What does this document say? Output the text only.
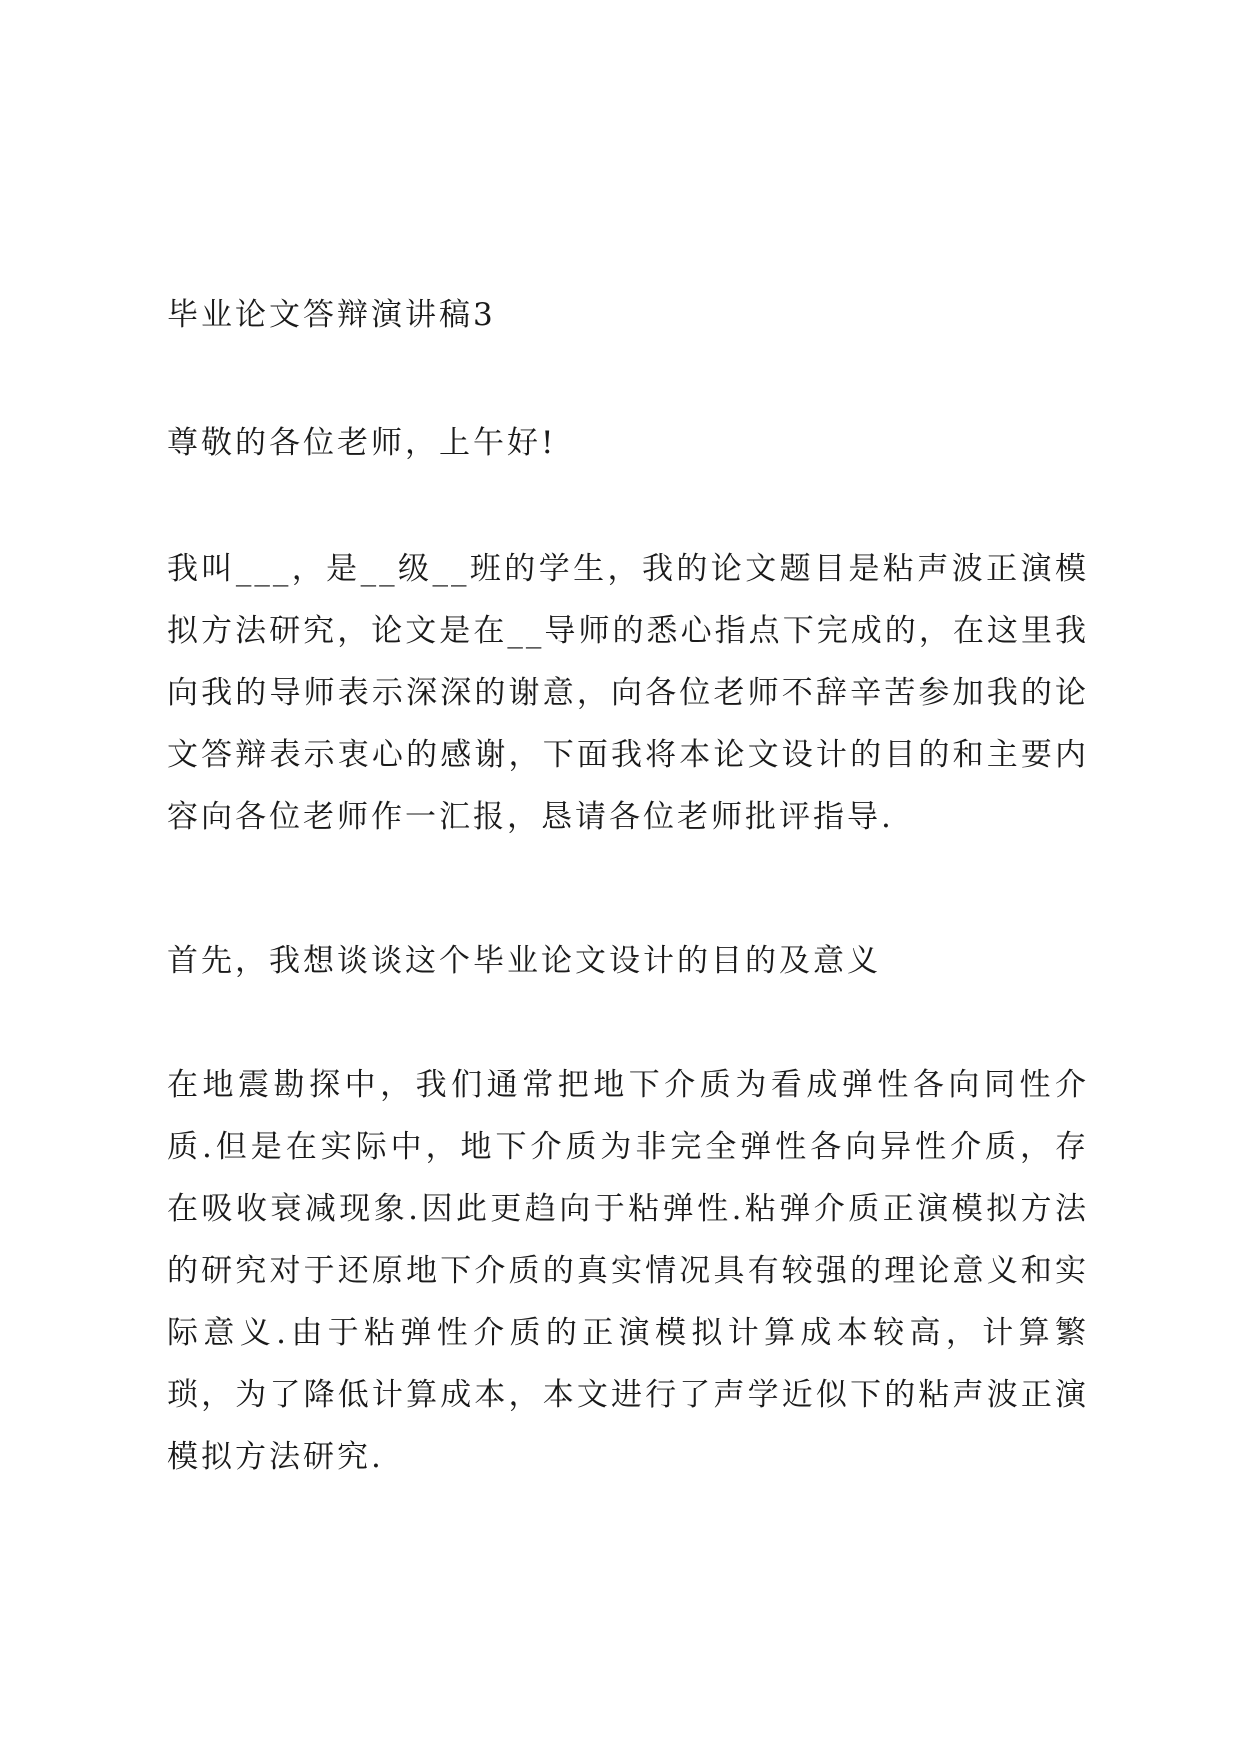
毕业论文答辩演讲稿3

尊敬的各位老师，上午好!

我叫___，是__级__班的学生，我的论文题目是粘声波正演模拟方法研究，论文是在__导师的悉心指点下完成的，在这里我向我的导师表示深深的谢意，向各位老师不辞辛苦参加我的论文答辩表示衷心的感谢，下面我将本论文设计的目的和主要内容向各位老师作一汇报，恳请各位老师批评指导.

首先，我想谈谈这个毕业论文设计的目的及意义

在地震勘探中，我们通常把地下介质为看成弹性各向同性介质.但是在实际中，地下介质为非完全弹性各向异性介质，存在吸收衰减现象.因此更趋向于粘弹性.粘弹介质正演模拟方法的研究对于还原地下介质的真实情况具有较强的理论意义和实际意义.由于粘弹性介质的正演模拟计算成本较高，计算繁琐，为了降低计算成本，本文进行了声学近似下的粘声波正演模拟方法研究.
